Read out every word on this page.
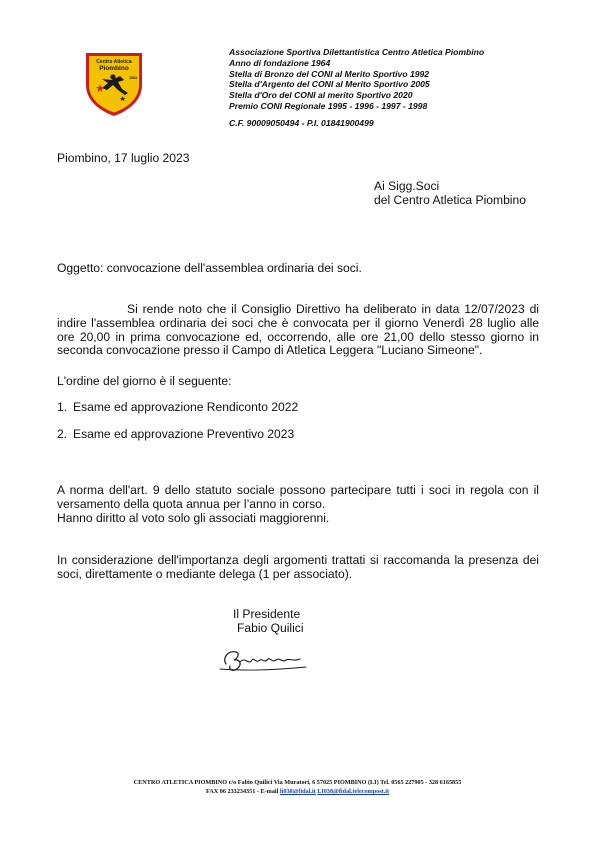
Centro Atletica
Piombino
1964
Associazione Sportiva Dilettantistica Centro Atletica Piombino
Anno di fondazione 1964
Stella di Bronzo del CONI al Merito Sportivo 1992
Stella d'Argento del CONI al Merito Sportivo 2005
Stella d'Oro del CONI al merito Sportivo 2020
Premio CONI Regionale 1995 - 1996 - 1997 - 1998
C.F. 90009050494 - P.I. 01841900499
Piombino, 17 luglio 2023
Ai Sigg.Soci
del Centro Atletica Piombino
Oggetto: convocazione dell'assemblea ordinaria dei soci.
Si rende noto che il Consiglio Direttivo ha deliberato in data 12/07/2023 di indire l'assemblea ordinaria dei soci che è convocata per il giorno Venerdì 28 luglio alle ore 20,00 in prima convocazione ed, occorrendo, alle ore 21,00 dello stesso giorno in seconda convocazione presso il Campo di Atletica Leggera "Luciano Simeone".
L'ordine del giorno è il seguente:
1. Esame ed approvazione Rendiconto 2022
2. Esame ed approvazione Preventivo 2023
A norma dell'art. 9 dello statuto sociale possono partecipare tutti i soci in regola con il versamento della quota annua per l’anno in corso.
Hanno diritto al voto solo gli associati maggiorenni.
In considerazione dell'importanza degli argomenti trattati si raccomanda la presenza dei soci, direttamente o mediante delega (1 per associato).
Il Presidente
Fabio Quilici
CENTRO ATLETICA PIOMBINO c/o Fabio Quilici Via Muratori, 6 57025 PIOMBINO (LI) Tel. 0565 227905 - 328 6165855
FAX 06 233234351 - E-mail li038@fidal.it LI038@fidal.telecompost.it
